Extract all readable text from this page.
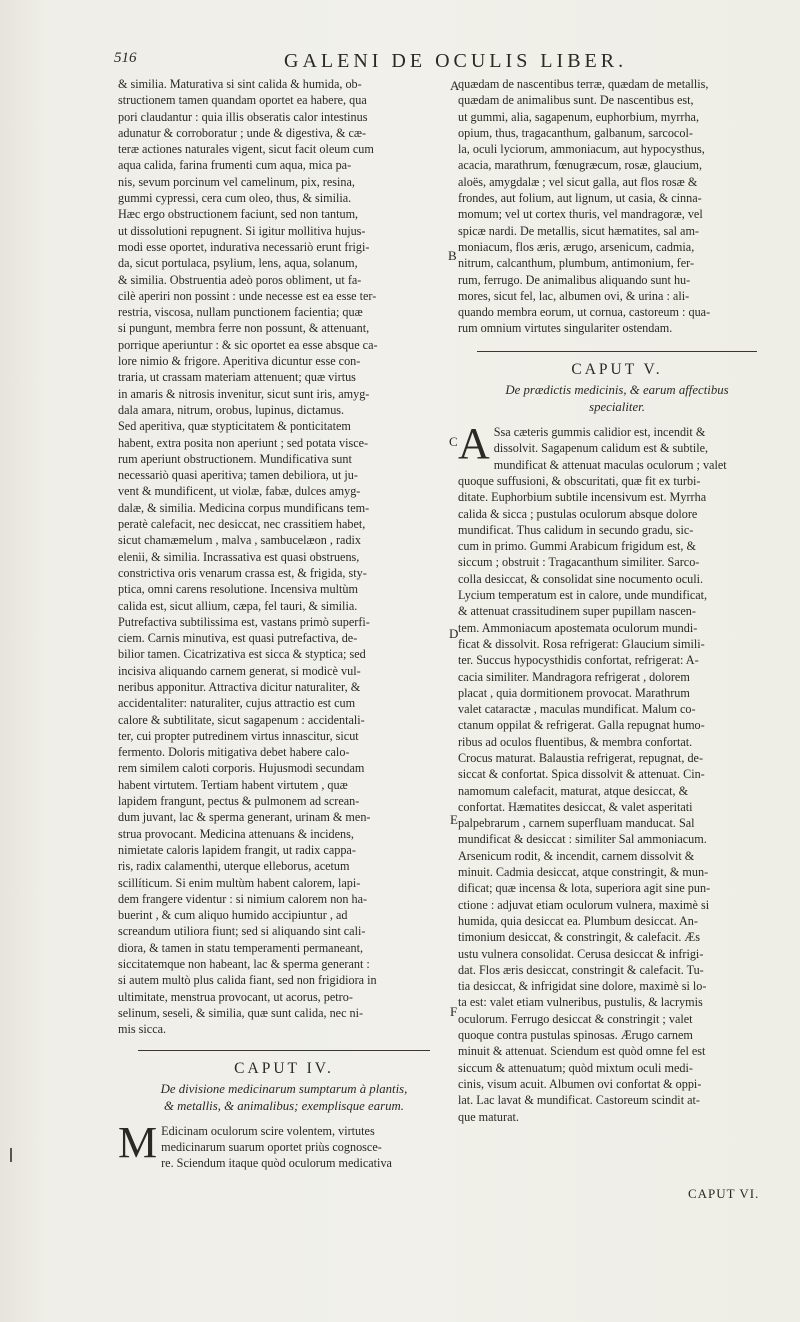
516	GALENI DE OCULIS LIBER.
A
B
C
D
E
F
& similia. Maturativa si sint calida & humida, ob-
structionem tamen quandam oportet ea habere, qua
pori claudantur : quia illis obseratis calor intestinus
adunatur & corroboratur ; unde & digestiva, & cæ-
teræ actiones naturales vigent, sicut facit oleum cum
aqua calida, farina frumenti cum aqua, mica pa-
nis, sevum porcinum vel camelinum, pix, resina,
gummi cypressi, cera cum oleo, thus, & similia.
Hæc ergo obstructionem faciunt, sed non tantum,
ut dissolutioni repugnent. Si igitur mollitiva hujus-
modi esse oportet, indurativa necessariò erunt frigi-
da, sicut portulaca, psylium, lens, aqua, solanum,
& similia. Obstruentia adeò poros obliment, ut fa-
cilè aperiri non possint : unde necesse est ea esse ter-
restria, viscosa, nullam punctionem facientia; quæ
si pungunt, membra ferre non possunt, & attenuant,
porrique aperiuntur : & sic oportet ea esse absque ca-
lore nimio & frigore. Aperitiva dicuntur esse con-
traria, ut crassam materiam attenuent; quæ virtus
in amaris & nitrosis invenitur, sicut sunt iris, amyg-
dala amara, nitrum, orobus, lupinus, dictamus.
Sed aperitiva, quæ stypticitatem & ponticitatem
habent, extra posita non aperiunt ; sed potata visce-
rum aperiunt obstructionem. Mundificativa sunt
necessariò quasi aperitiva; tamen debiliora, ut ju-
vent & mundificent, ut violæ, fabæ, dulces amyg-
dalæ, & similia. Medicina corpus mundificans tem-
peratè calefacit, nec desiccat, nec crassitiem habet,
sicut chamæmelum , malva , sambucelæon , radix
elenii, & similia. Incrassativa est quasi obstruens,
constrictiva oris venarum crassa est, & frigida, sty-
ptica, omni carens resolutione. Incensiva multùm
calida est, sicut allium, cæpa, fel tauri, & similia.
Putrefactiva subtilissima est, vastans primò superfi-
ciem. Carnis minutiva, est quasi putrefactiva, de-
bilior tamen. Cicatrizativa est sicca & styptica; sed
incisiva aliquando carnem generat, si modicè vul-
neribus apponitur. Attractiva dicitur naturaliter, &
accidentaliter: naturaliter, cujus attractio est cum
calore & subtilitate, sicut sagapenum : accidentali-
ter, cui propter putredinem virtus innascitur, sicut
fermento. Doloris mitigativa debet habere calo-
rem similem caloti corporis. Hujusmodi secundam
habent virtutem. Tertiam habent virtutem , quæ
lapidem frangunt, pectus & pulmonem ad screan-
dum juvant, lac & sperma generant, urinam & men-
strua provocant. Medicina attenuans & incidens,
nimietate caloris lapidem frangit, ut radix cappa-
ris, radix calamenthi, uterque elleborus, acetum
scillíticum. Si enim multùm habent calorem, lapi-
dem frangere videntur : si nimium calorem non ha-
buerint , & cum aliquo humido accipiuntur , ad
screandum utiliora fiunt; sed si aliquando sint cali-
diora, & tamen in statu temperamenti permaneant,
siccitatemque non habeant, lac & sperma generant :
si autem multò plus calida fiant, sed non frigidiora in
ultimitate, menstrua provocant, ut acorus, petro-
selinum, seseli, & similia, quæ sunt calida, nec ni-
mis sicca.
CAPUT IV.
De divisione medicinarum sumptarum à plantis,
& metallis, & animalibus; exemplisque earum.
M Edicinam oculorum scire volentem, virtutes
medicinarum suarum oportet priùs cognosce-
re. Sciendum itaque quòd oculorum medicativa
quædam de nascentibus terræ, quædam de metallis,
quædam de animalibus sunt. De nascentibus est,
ut gummi, alia, sagapenum, euphorbium, myrrha,
opium, thus, tragacanthum, galbanum, sarcocol-
la, oculi lyciorum, ammoniacum, aut hypocysthus,
acacia, marathrum, fœnugræcum, rosæ, glaucium,
aloës, amygdalæ ; vel sicut galla, aut flos rosæ &
frondes, aut folium, aut lignum, ut casia, & cinna-
momum; vel ut cortex thuris, vel mandragoræ, vel
spicæ nardi. De metallis, sicut hæmatites, sal am-
moniacum, flos æris, ærugo, arsenicum, cadmia,
nitrum, calcanthum, plumbum, antimonium, fer-
rum, ferrugo. De animalibus aliquando sunt hu-
mores, sicut fel, lac, albumen ovi, & urina : ali-
quando membra eorum, ut cornua, castoreum : qua-
rum omnium virtutes singulariter ostendam.
CAPUT V.
De prædictis medicinis, & earum affectibus
specialiter.
A Ssa cæteris gummis calidior est, incendit &
dissolvit. Sagapenum calidum est & subtile,
mundificat & attenuat maculas oculorum ; valet
quoque suffusioni, & obscuritati, quæ fit ex turbi-
ditate. Euphorbium subtile incensivum est. Myrrha
calida & sicca ; pustulas oculorum absque dolore
mundificat. Thus calidum in secundo gradu, sic-
cum in primo. Gummi Arabicum frigidum est, &
siccum ; obstruit : Tragacanthum similiter. Sarco-
colla desiccat, & consolidat sine nocumento oculi.
Lycium temperatum est in calore, unde mundificat,
& attenuat crassitudinem super pupillam nascen-
tem. Ammoniacum apostemata oculorum mundi-
ficat & dissolvit. Rosa refrigerat: Glaucium simili-
ter. Succus hypocysthidis confortat, refrigerat: A-
cacia similiter. Mandragora refrigerat , dolorem
placat , quia dormitionem provocat. Marathrum
valet cataractæ , maculas mundificat. Malum co-
ctanum oppilat & refrigerat. Galla repugnat humo-
ribus ad oculos fluentibus, & membra confortat.
Crocus maturat. Balaustia refrigerat, repugnat, de-
siccat & confortat. Spica dissolvit & attenuat. Cin-
namomum calefacit, maturat, atque desiccat, &
confortat. Hæmatites desiccat, & valet asperitati
palpebrarum , carnem superfluam manducat. Sal
mundificat & desiccat : similiter Sal ammoniacum.
Arsenicum rodit, & incendit, carnem dissolvit &
minuit. Cadmia desiccat, atque constringit, & mun-
dificat; quæ incensa & lota, superiora agit sine pun-
ctione : adjuvat etiam oculorum vulnera, maximè si
humida, quia desiccat ea. Plumbum desiccat. An-
timonium desiccat, & constringit, & calefacit. Æs
ustu vulnera consolidat. Cerusa desiccat & infrigi-
dat. Flos æris desiccat, constringit & calefacit. Tu-
tia desiccat, & infrigidat sine dolore, maximè si lo-
ta est: valet etiam vulneribus, pustulis, & lacrymis
oculorum. Ferrugo desiccat & constringit ; valet
quoque contra pustulas spinosas. Ærugo carnem
minuit & attenuat. Sciendum est quòd omne fel est
siccum & attenuatum; quòd mixtum oculi medi-
cinis, visum acuit. Albumen ovi confortat & oppi-
lat. Lac lavat & mundificat. Castoreum scindit at-
que maturat.
CAPUT VI.
